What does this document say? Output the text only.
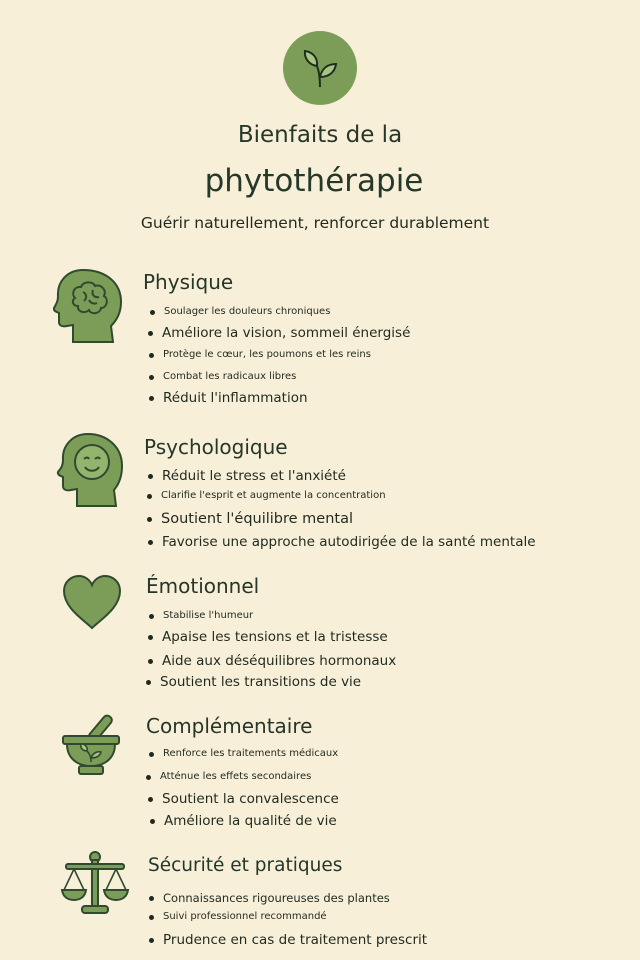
Bienfaits de la
phytothérapie
Guérir naturellement, renforcer durablement
Physique
Soulager les douleurs chroniques
Améliore la vision, sommeil énergisé
Protège le cœur, les poumons et les reins
Combat les radicaux libres
Réduit l'inflammation
Psychologique
Réduit le stress et l'anxiété
Clarifie l'esprit et augmente la concentration
Soutient l'équilibre mental
Favorise une approche autodirigée de la santé mentale
Émotionnel
Stabilise l'humeur
Apaise les tensions et la tristesse
Aide aux déséquilibres hormonaux
Soutient les transitions de vie
Complémentaire
Renforce les traitements médicaux
Atténue les effets secondaires
Soutient la convalescence
Améliore la qualité de vie
Sécurité et pratiques
Connaissances rigoureuses des plantes
Suivi professionnel recommandé
Prudence en cas de traitement prescrit
